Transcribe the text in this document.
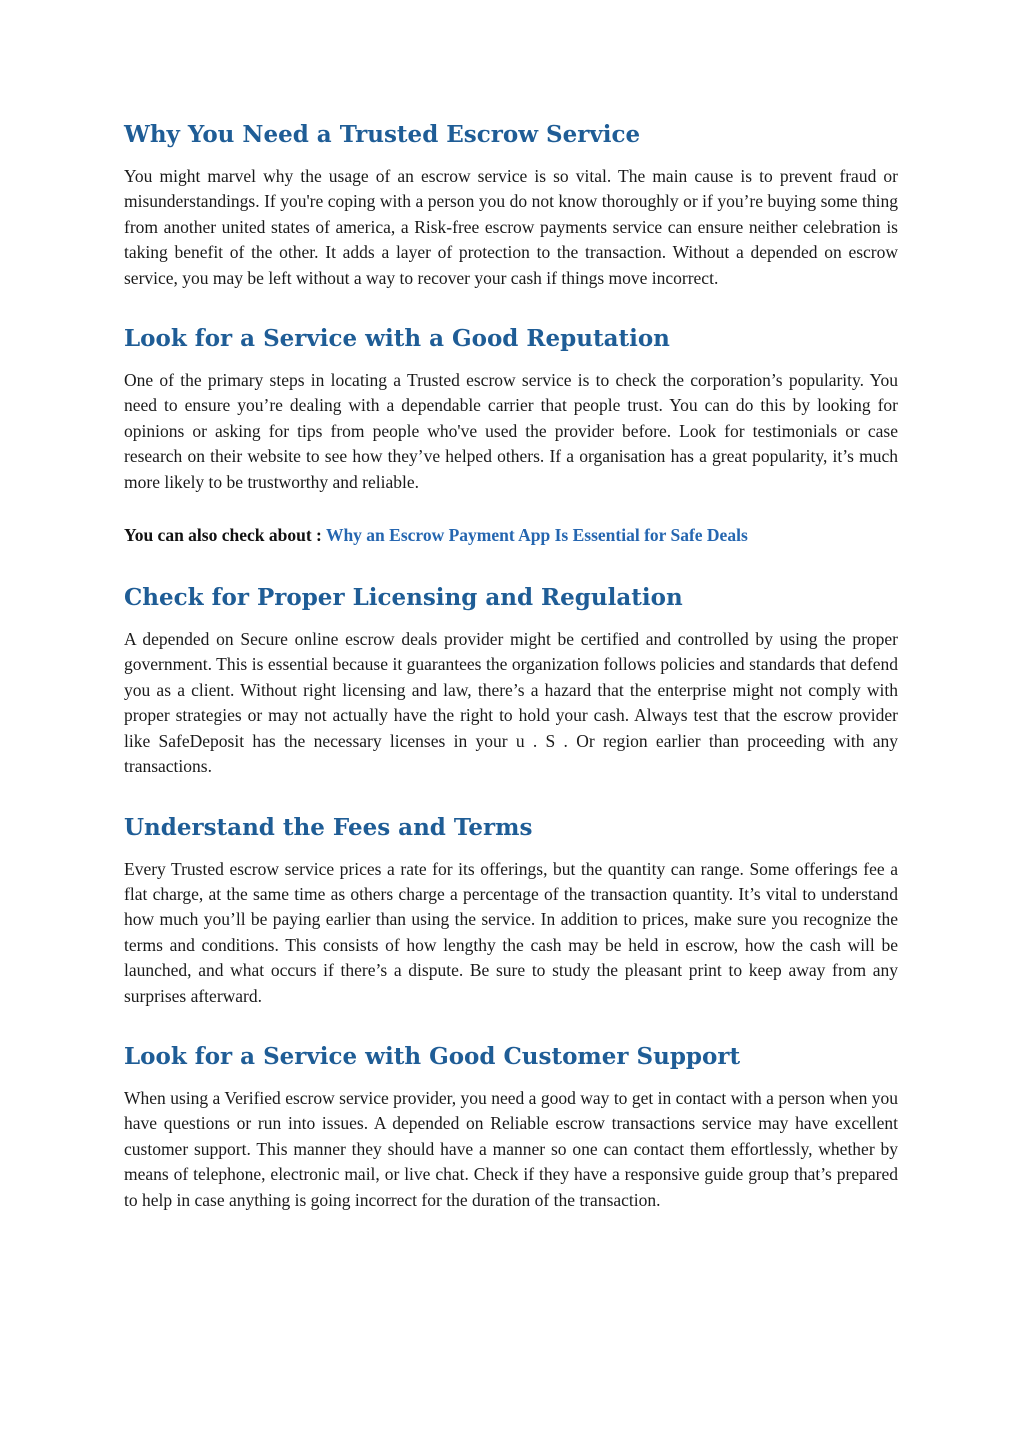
Why You Need a Trusted Escrow Service

You might marvel why the usage of an escrow service is so vital. The main cause is to prevent fraud or misunderstandings. If you're coping with a person you do not know thoroughly or if you’re buying some thing from another united states of america, a Risk-free escrow payments service can ensure neither celebration is taking benefit of the other. It adds a layer of protection to the transaction. Without a depended on escrow service, you may be left without a way to recover your cash if things move incorrect.

Look for a Service with a Good Reputation

One of the primary steps in locating a Trusted escrow service is to check the corporation’s popularity. You need to ensure you’re dealing with a dependable carrier that people trust. You can do this by looking for opinions or asking for tips from people who've used the provider before. Look for testimonials or case research on their website to see how they’ve helped others. If a organisation has a great popularity, it’s much more likely to be trustworthy and reliable.

You can also check about : Why an Escrow Payment App Is Essential for Safe Deals
Check for Proper Licensing and Regulation

A depended on Secure online escrow deals provider might be certified and controlled by using the proper government. This is essential because it guarantees the organization follows policies and standards that defend you as a client. Without right licensing and law, there’s a hazard that the enterprise might not comply with proper strategies or may not actually have the right to hold your cash. Always test that the escrow provider like SafeDeposit has the necessary licenses in your u . S . Or region earlier than proceeding with any transactions.

Understand the Fees and Terms

Every Trusted escrow service prices a rate for its offerings, but the quantity can range. Some offerings fee a flat charge, at the same time as others charge a percentage of the transaction quantity. It’s vital to understand how much you’ll be paying earlier than using the service. In addition to prices, make sure you recognize the terms and conditions. This consists of how lengthy the cash may be held in escrow, how the cash will be launched, and what occurs if there’s a dispute. Be sure to study the pleasant print to keep away from any surprises afterward.

Look for a Service with Good Customer Support

When using a Verified escrow service provider, you need a good way to get in contact with a person when you have questions or run into issues. A depended on Reliable escrow transactions service may have excellent customer support. This manner they should have a manner so one can contact them effortlessly, whether by means of telephone, electronic mail, or live chat. Check if they have a responsive guide group that’s prepared to help in case anything is going incorrect for the duration of the transaction.
